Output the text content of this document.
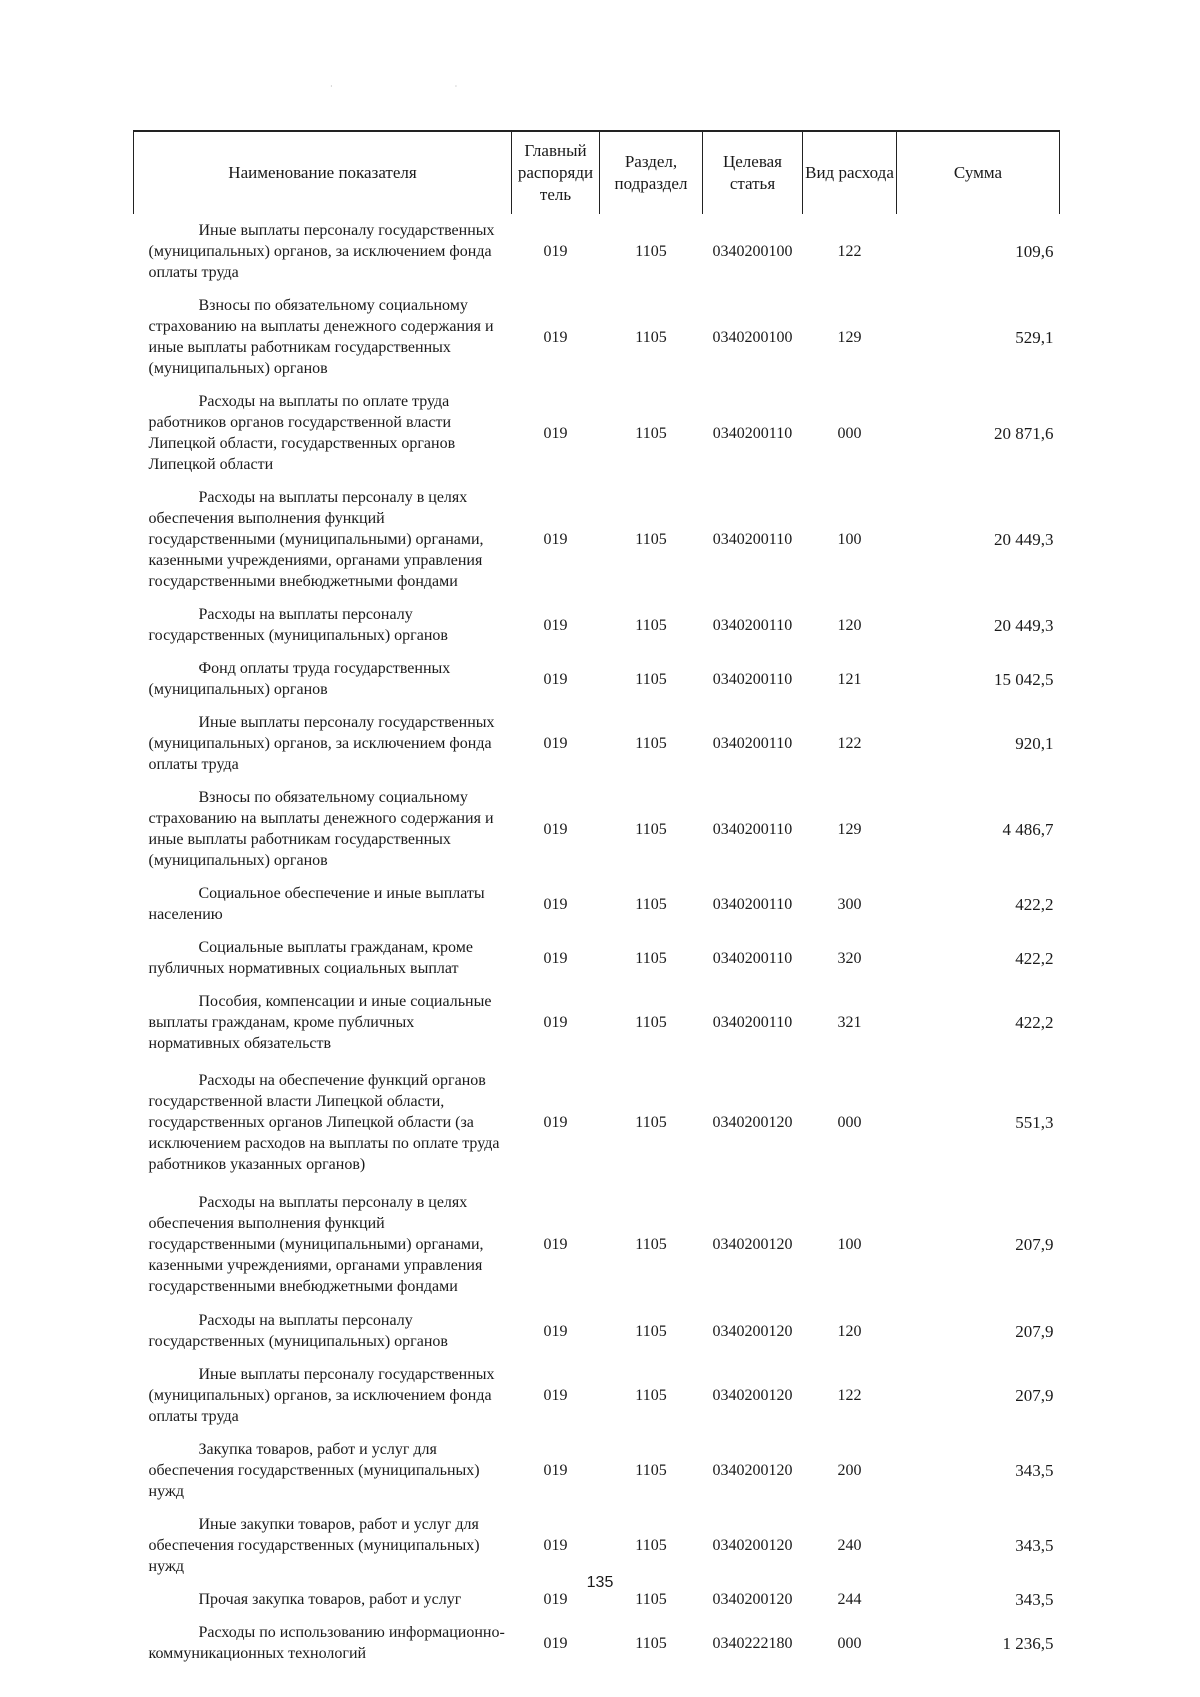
· ·
Наименование показателя	Главный распоряди тель	Раздел, подраздел	Целевая статья	Вид расхода	Сумма
Иные выплаты персоналу государственных (муниципальных) органов, за исключением фонда оплаты труда	019	1105	0340200100	122	109,6
Взносы по обязательному социальному страхованию на выплаты денежного содержания и иные выплаты работникам государственных (муниципальных) органов	019	1105	0340200100	129	529,1
Расходы на выплаты по оплате труда работников органов государственной власти Липецкой области, государственных органов Липецкой области	019	1105	0340200110	000	20 871,6
Расходы на выплаты персоналу в целях обеспечения выполнения функций государственными (муниципальными) органами, казенными учреждениями, органами управления государственными внебюджетными фондами	019	1105	0340200110	100	20 449,3
Расходы на выплаты персоналу государственных (муниципальных) органов	019	1105	0340200110	120	20 449,3
Фонд оплаты труда государственных (муниципальных) органов	019	1105	0340200110	121	15 042,5
Иные выплаты персоналу государственных (муниципальных) органов, за исключением фонда оплаты труда	019	1105	0340200110	122	920,1
Взносы по обязательному социальному страхованию на выплаты денежного содержания и иные выплаты работникам государственных (муниципальных) органов	019	1105	0340200110	129	4 486,7
Социальное обеспечение и иные выплаты населению	019	1105	0340200110	300	422,2
Социальные выплаты гражданам, кроме публичных нормативных социальных выплат	019	1105	0340200110	320	422,2
Пособия, компенсации и иные социальные выплаты гражданам, кроме публичных нормативных обязательств	019	1105	0340200110	321	422,2
Расходы на обеспечение функций органов государственной власти Липецкой области, государственных органов Липецкой области (за исключением расходов на выплаты по оплате труда работников указанных органов)	019	1105	0340200120	000	551,3
Расходы на выплаты персоналу в целях обеспечения выполнения функций государственными (муниципальными) органами, казенными учреждениями, органами управления государственными внебюджетными фондами	019	1105	0340200120	100	207,9
Расходы на выплаты персоналу государственных (муниципальных) органов	019	1105	0340200120	120	207,9
Иные выплаты персоналу государственных (муниципальных) органов, за исключением фонда оплаты труда	019	1105	0340200120	122	207,9
Закупка товаров, работ и услуг для обеспечения государственных (муниципальных) нужд	019	1105	0340200120	200	343,5
Иные закупки товаров, работ и услуг для обеспечения государственных (муниципальных) нужд	019	1105	0340200120	240	343,5
Прочая закупка товаров, работ и услуг	019	1105	0340200120	244	343,5
Расходы по использованию информационно-коммуникационных технологий	019	1105	0340222180	000	1 236,5
135
